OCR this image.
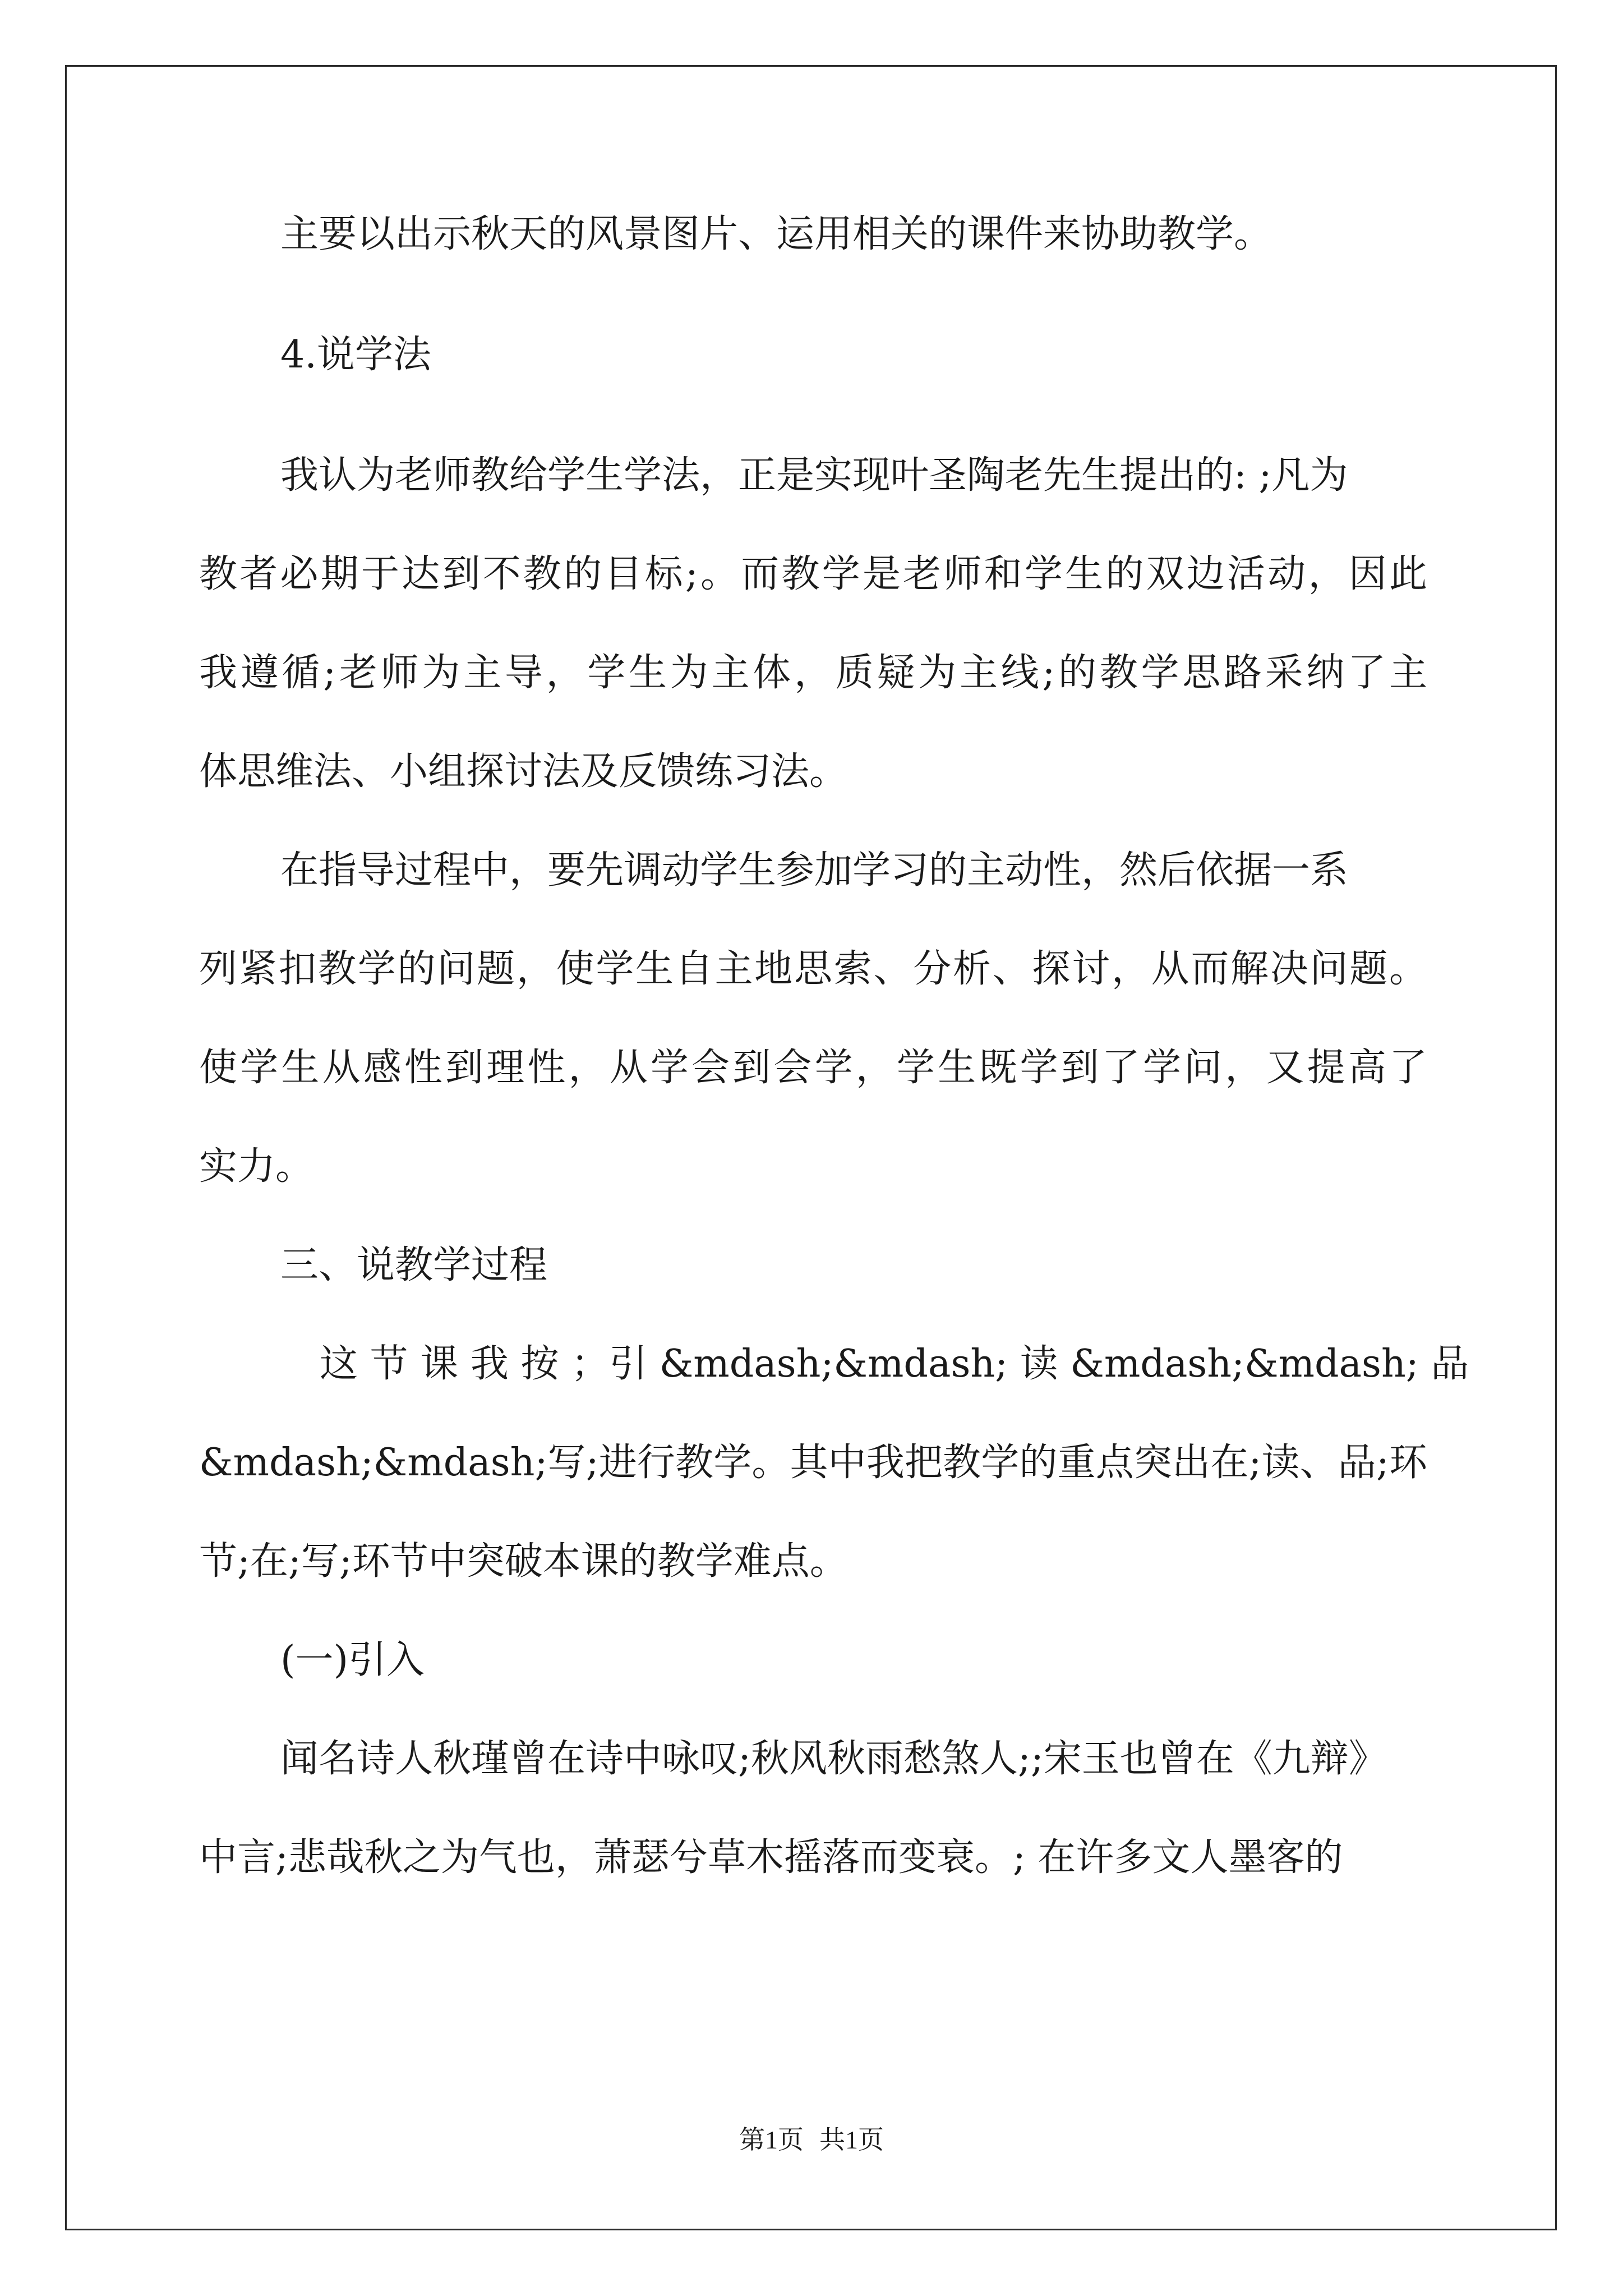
主要以出示秋天的风景图片、运用相关的课件来协助教学。
4.说学法
我认为老师教给学生学法，正是实现叶圣陶老先生提出的: ;凡为
教者必期于达到不教的目标;。而教学是老师和学生的双边活动，因此
我遵循;老师为主导，学生为主体，质疑为主线;的教学思路采纳了主
体思维法、小组探讨法及反馈练习法。
在指导过程中，要先调动学生参加学习的主动性，然后依据一系
列紧扣教学的问题，使学生自主地思索、分析、探讨，从而解决问题。
使学生从感性到理性，从学会到会学，学生既学到了学问，又提高了
实力。
三、说教学过程
这 节 课 我 按 ；引 &mdash;&mdash; 读 &mdash;&mdash; 品
&mdash;&mdash;写;进行教学。其中我把教学的重点突出在;读、品;环
节;在;写;环节中突破本课的教学难点。
(一)引入
闻名诗人秋瑾曾在诗中咏叹;秋风秋雨愁煞人;;宋玉也曾在《九辩》
中言;悲哉秋之为气也，萧瑟兮草木摇落而变衰。; 在许多文人墨客的
第1页 共1页
